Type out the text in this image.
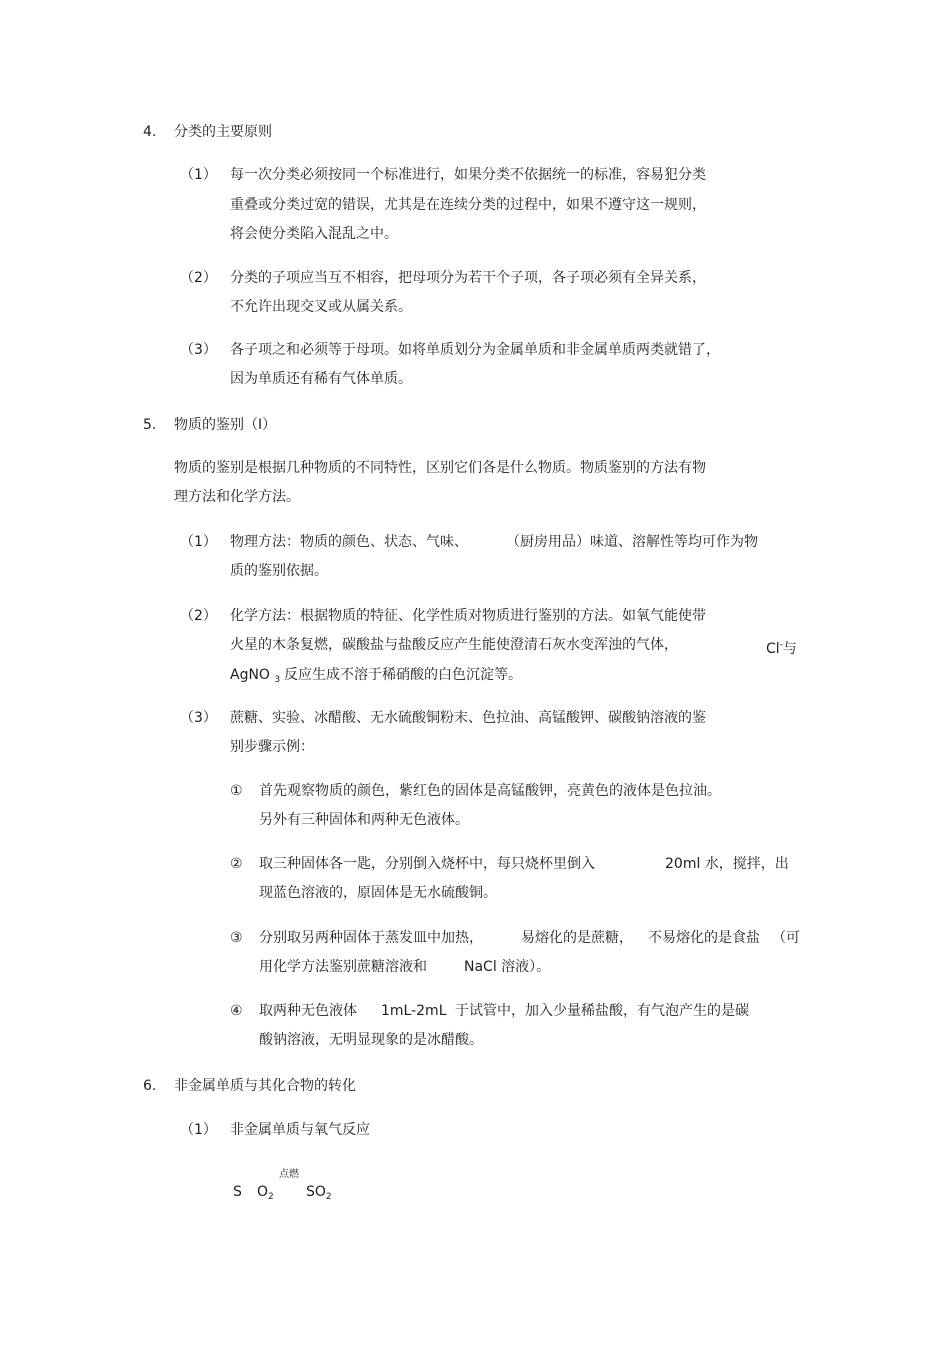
4. 分类的主要原则
（1） 每一次分类必须按同一个标准进行，如果分类不依据统一的标准，容易犯分类
重叠或分类过宽的错误，尤其是在连续分类的过程中，如果不遵守这一规则，
将会使分类陷入混乱之中。
（2） 分类的子项应当互不相容，把母项分为若干个子项，各子项必须有全异关系，
不允许出现交叉或从属关系。
（3） 各子项之和必须等于母项。如将单质划分为金属单质和非金属单质两类就错了，
因为单质还有稀有气体单质。
5. 物质的鉴别（Ⅰ）
物质的鉴别是根据几种物质的不同特性，区别它们各是什么物质。物质鉴别的方法有物
理方法和化学方法。
（1） 物理方法：物质的颜色、状态、气味、	（厨房用品）味道、溶解性等均可作为物
质的鉴别依据。
（2） 化学方法：根据物质的特征、化学性质对物质进行鉴别的方法。如氧气能使带
火星的木条复燃，碳酸盐与盐酸反应产生能使澄清石灰水变浑浊的气体，	Cl-与
AgNO $_3$ 反应生成不溶于稀硝酸的白色沉淀等。
（3） 蔗糖、实验、冰醋酸、无水硫酸铜粉末、色拉油、高锰酸钾、碳酸钠溶液的鉴
别步骤示例：
① 首先观察物质的颜色，紫红色的固体是高锰酸钾，亮黄色的液体是色拉油。
另外有三种固体和两种无色液体。
② 取三种固体各一匙，分别倒入烧杯中，每只烧杯里倒入	20ml 水，搅拌，出
现蓝色溶液的，原固体是无水硫酸铜。
③ 分别取另两种固体于蒸发皿中加热，	易熔化的是蔗糖， 不易熔化的是食盐 （可
用化学方法鉴别蔗糖溶液和	NaCl 溶液）。
④ 取两种无色液体 1mL-2mL 于试管中，加入少量稀盐酸，有气泡产生的是碳
酸钠溶液，无明显现象的是冰醋酸。
6. 非金属单质与其化合物的转化
（1） 非金属单质与氧气反应
点燃
S $O_2$ $SO_2$
